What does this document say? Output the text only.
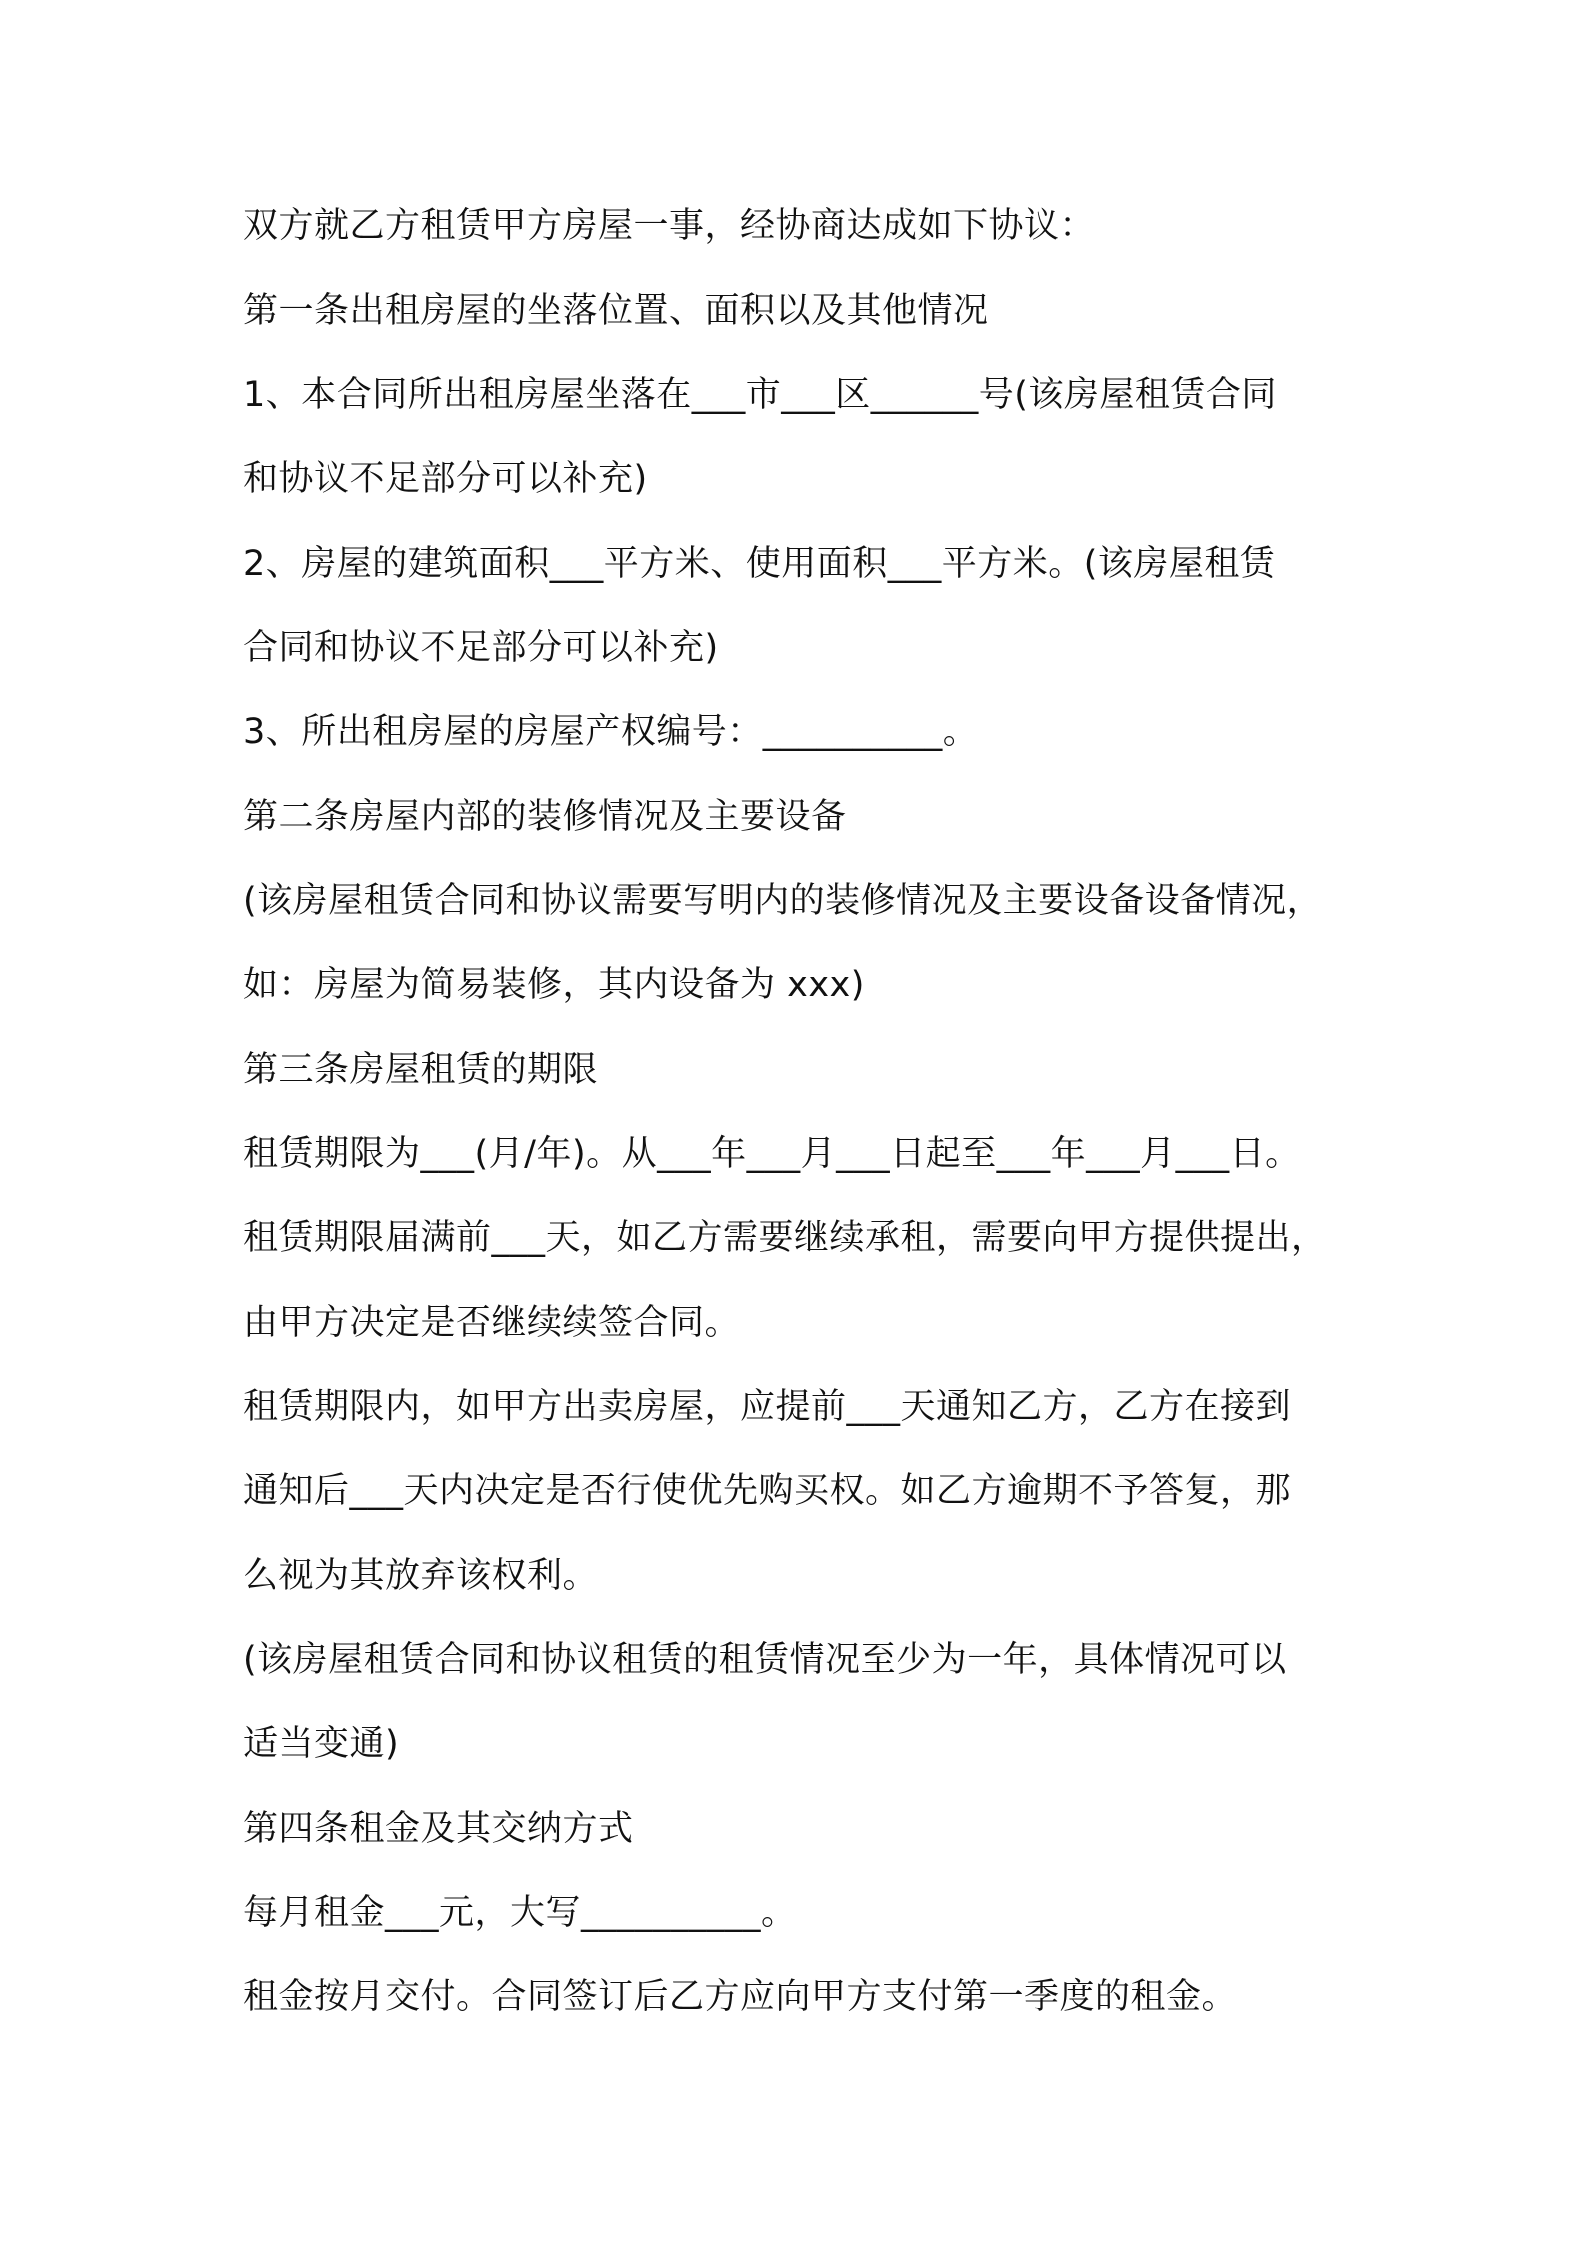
双方就乙方租赁甲方房屋一事，经协商达成如下协议：
第一条出租房屋的坐落位置、面积以及其他情况
1、本合同所出租房屋坐落在___市___区______号(该房屋租赁合同
和协议不足部分可以补充)
2、房屋的建筑面积___平方米、使用面积___平方米。(该房屋租赁
合同和协议不足部分可以补充)
3、所出租房屋的房屋产权编号：__________。
第二条房屋内部的装修情况及主要设备
(该房屋租赁合同和协议需要写明内的装修情况及主要设备设备情况，
如：房屋为简易装修，其内设备为 xxx)
第三条房屋租赁的期限
租赁期限为___(月/年)。从___年___月___日起至___年___月___日。
租赁期限届满前___天，如乙方需要继续承租，需要向甲方提供提出，
由甲方决定是否继续续签合同。
租赁期限内，如甲方出卖房屋，应提前___天通知乙方，乙方在接到
通知后___天内决定是否行使优先购买权。如乙方逾期不予答复，那
么视为其放弃该权利。
(该房屋租赁合同和协议租赁的租赁情况至少为一年，具体情况可以
适当变通)
第四条租金及其交纳方式
每月租金___元，大写__________。
租金按月交付。合同签订后乙方应向甲方支付第一季度的租金。
